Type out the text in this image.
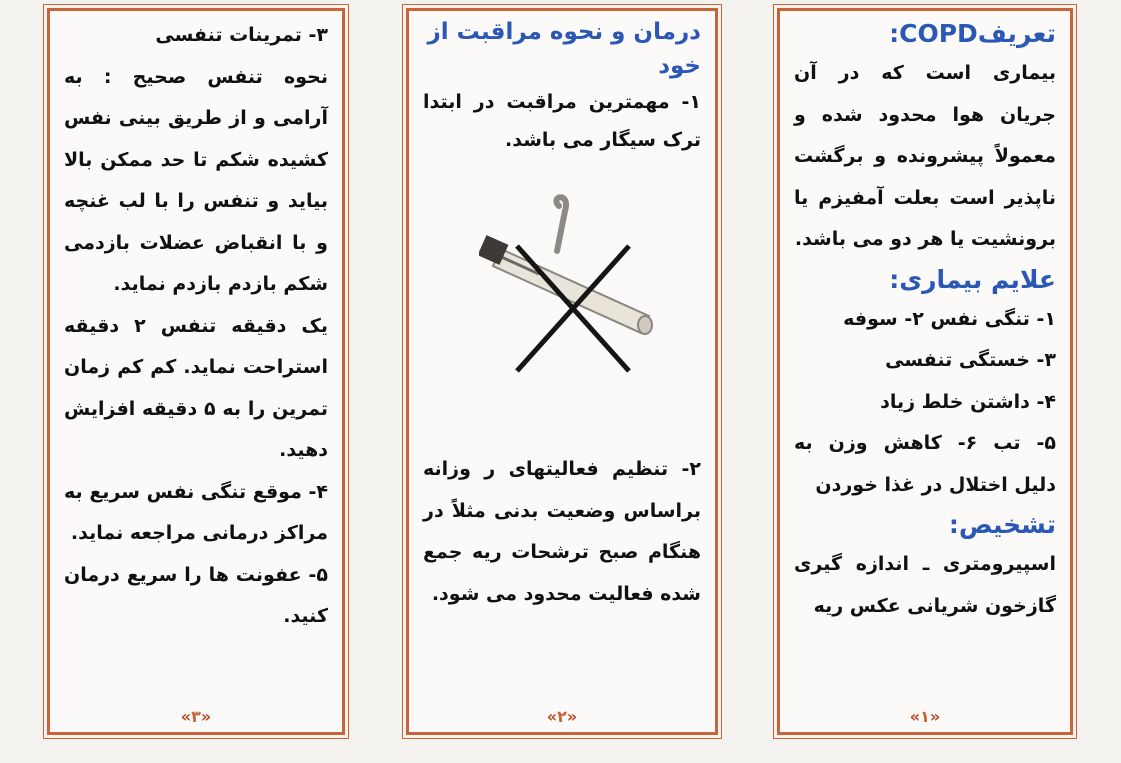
۳- تمرینات تنفسی

نحوه تنفس صحیح : به آرامی و از طریق بینی نفس کشیده شکم تا حد ممکن بالا بیاید و تنفس را با لب غنچه و با انقباض عضلات بازدمی شکم بازدم بازدم نماید.

یک دقیقه تنفس ۲ دقیقه استراحت نماید. کم کم زمان تمرین را به ۵ دقیقه افزایش دهید.

۴- موقع تنگی نفس سریع به مراکز درمانی مراجعه نماید.

۵- عفونت ها را سریع درمان کنید.

«۳»

درمان و نحوه مراقبت از خود

۱- مهمترین مراقبت در ابتدا ترک سیگار می باشد.

۲- تنظیم فعالیتهای ر وزانه براساس وضعیت بدنی مثلاً در هنگام صبح ترشحات ریه جمع شده فعالیت محدود می شود.

«۲»

تعریفCOPD:

بیماری است که در آن جریان هوا محدود شده و معمولاً پیشرونده و برگشت ناپذیر است بعلت آمفیزم یا برونشیت یا هر دو می باشد.

علایم بیماری:

۱- تنگی نفس ۲- سوفه

۳- خستگی تنفسی

۴- داشتن خلط زیاد

۵- تب ۶- کاهش وزن به دلیل اختلال در غذا خوردن

تشخیص:

اسپیرومتری ـ اندازه گیری گازخون شریانی عکس ریه

«۱»
